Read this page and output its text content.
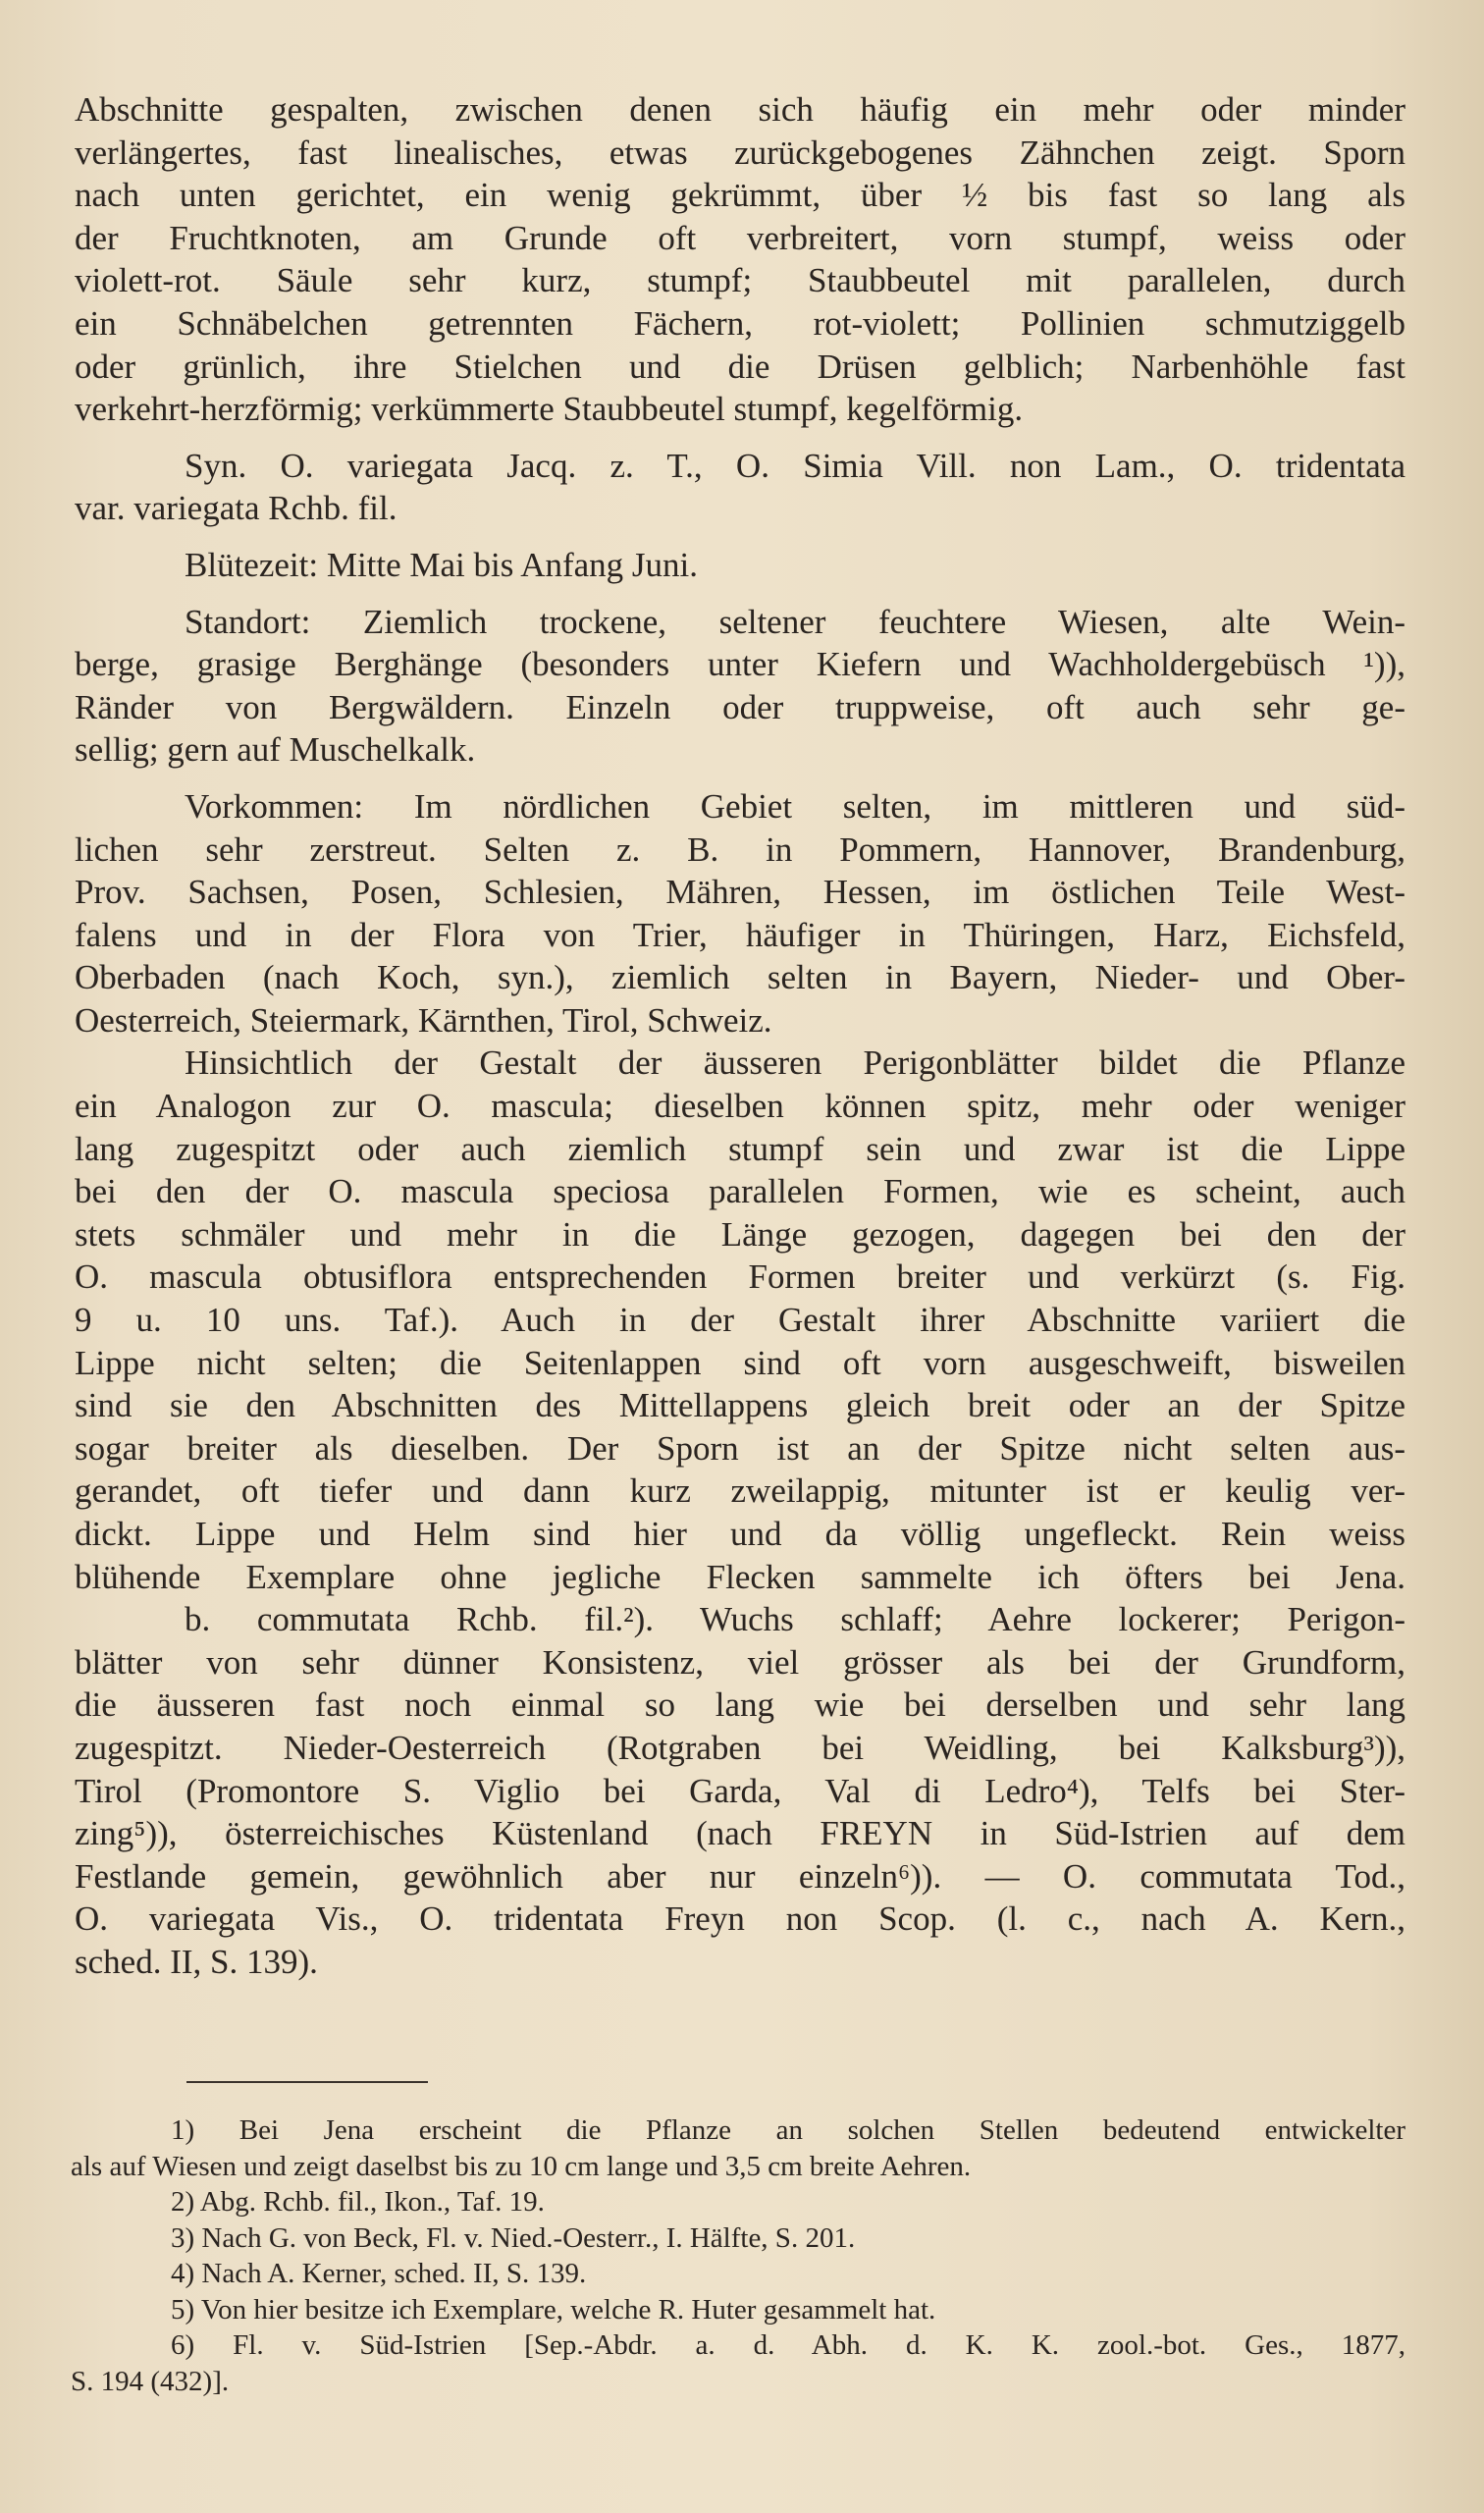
Abschnitte gespalten, zwischen denen sich häufig ein mehr oder minder
verlängertes, fast linealisches, etwas zurückgebogenes Zähnchen zeigt. Sporn
nach unten gerichtet, ein wenig gekrümmt, über ½ bis fast so lang als
der Fruchtknoten, am Grunde oft verbreitert, vorn stumpf, weiss oder
violett-rot. Säule sehr kurz, stumpf; Staubbeutel mit parallelen, durch
ein Schnäbelchen getrennten Fächern, rot-violett; Pollinien schmutziggelb
oder grünlich, ihre Stielchen und die Drüsen gelblich; Narbenhöhle fast
verkehrt-herzförmig; verkümmerte Staubbeutel stumpf, kegelförmig.
Syn. O. variegata Jacq. z. T., O. Simia Vill. non Lam., O. tridentata
var. variegata Rchb. fil.
Blütezeit: Mitte Mai bis Anfang Juni.
Standort: Ziemlich trockene, seltener feuchtere Wiesen, alte Wein-
berge, grasige Berghänge (besonders unter Kiefern und Wachholdergebüsch ¹)),
Ränder von Bergwäldern. Einzeln oder truppweise, oft auch sehr ge-
sellig; gern auf Muschelkalk.
Vorkommen: Im nördlichen Gebiet selten, im mittleren und süd-
lichen sehr zerstreut. Selten z. B. in Pommern, Hannover, Brandenburg,
Prov. Sachsen, Posen, Schlesien, Mähren, Hessen, im östlichen Teile West-
falens und in der Flora von Trier, häufiger in Thüringen, Harz, Eichsfeld,
Oberbaden (nach Koch, syn.), ziemlich selten in Bayern, Nieder- und Ober-
Oesterreich, Steiermark, Kärnthen, Tirol, Schweiz.
Hinsichtlich der Gestalt der äusseren Perigonblätter bildet die Pflanze
ein Analogon zur O. mascula; dieselben können spitz, mehr oder weniger
lang zugespitzt oder auch ziemlich stumpf sein und zwar ist die Lippe
bei den der O. mascula speciosa parallelen Formen, wie es scheint, auch
stets schmäler und mehr in die Länge gezogen, dagegen bei den der
O. mascula obtusiflora entsprechenden Formen breiter und verkürzt (s. Fig.
9 u. 10 uns. Taf.). Auch in der Gestalt ihrer Abschnitte variiert die
Lippe nicht selten; die Seitenlappen sind oft vorn ausgeschweift, bisweilen
sind sie den Abschnitten des Mittellappens gleich breit oder an der Spitze
sogar breiter als dieselben. Der Sporn ist an der Spitze nicht selten aus-
gerandet, oft tiefer und dann kurz zweilappig, mitunter ist er keulig ver-
dickt. Lippe und Helm sind hier und da völlig ungefleckt. Rein weiss
blühende Exemplare ohne jegliche Flecken sammelte ich öfters bei Jena.
b. commutata Rchb. fil.²). Wuchs schlaff; Aehre lockerer; Perigon-
blätter von sehr dünner Konsistenz, viel grösser als bei der Grundform,
die äusseren fast noch einmal so lang wie bei derselben und sehr lang
zugespitzt. Nieder-Oesterreich (Rotgraben bei Weidling, bei Kalksburg³)),
Tirol (Promontore S. Viglio bei Garda, Val di Ledro⁴), Telfs bei Ster-
zing⁵)), österreichisches Küstenland (nach FREYN in Süd-Istrien auf dem
Festlande gemein, gewöhnlich aber nur einzeln⁶)). — O. commutata Tod.,
O. variegata Vis., O. tridentata Freyn non Scop. (l. c., nach A. Kern.,
sched. II, S. 139).
1) Bei Jena erscheint die Pflanze an solchen Stellen bedeutend entwickelter
als auf Wiesen und zeigt daselbst bis zu 10 cm lange und 3,5 cm breite Aehren.
2) Abg. Rchb. fil., Ikon., Taf. 19.
3) Nach G. von Beck, Fl. v. Nied.-Oesterr., I. Hälfte, S. 201.
4) Nach A. Kerner, sched. II, S. 139.
5) Von hier besitze ich Exemplare, welche R. Huter gesammelt hat.
6) Fl. v. Süd-Istrien [Sep.-Abdr. a. d. Abh. d. K. K. zool.-bot. Ges., 1877,
S. 194 (432)].
